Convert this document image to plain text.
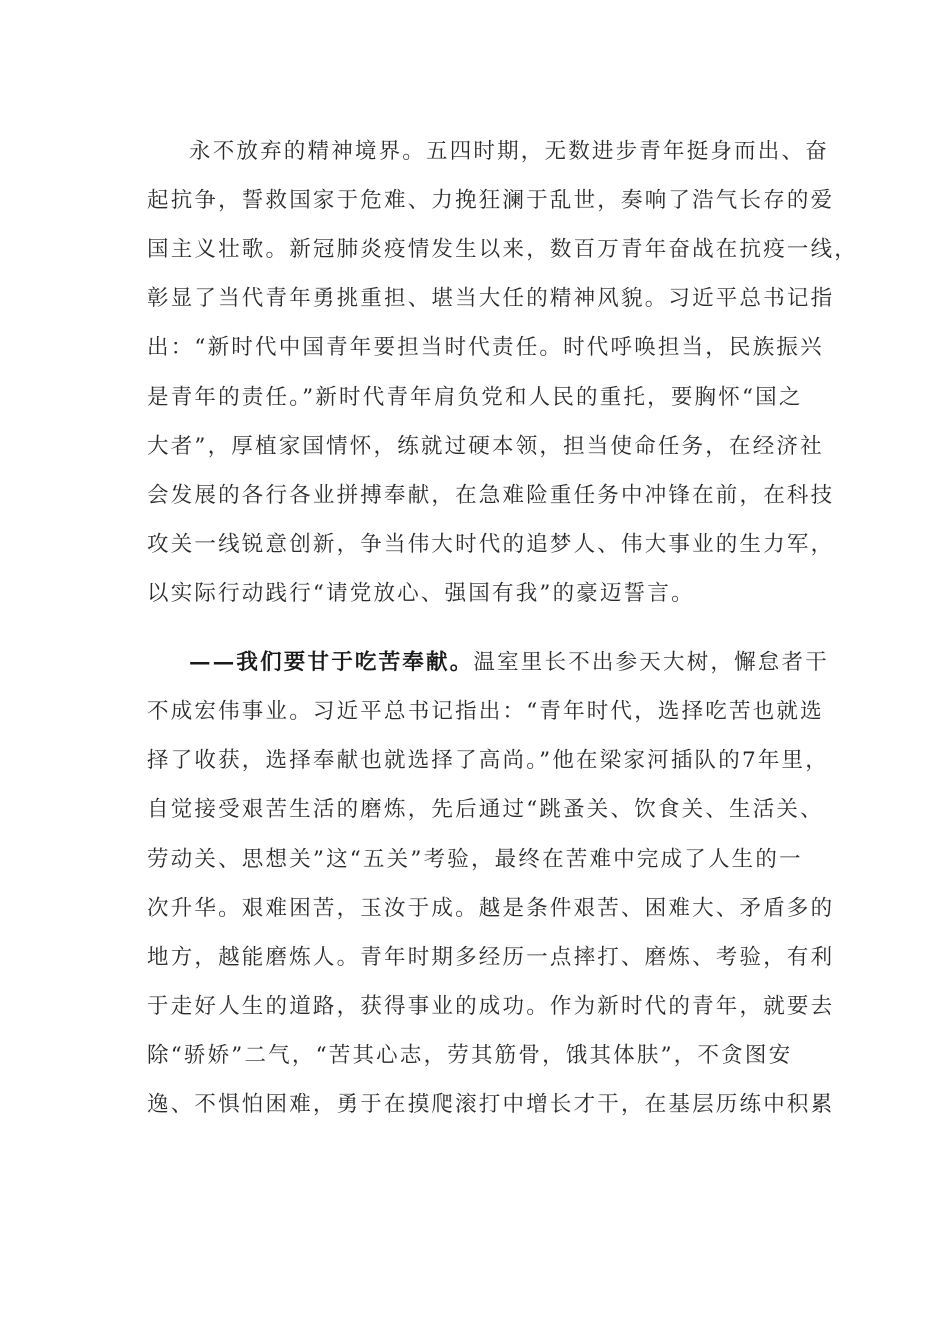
永不放弃的精神境界。五四时期，无数进步青年挺身而出、奋
起抗争，誓救国家于危难、力挽狂澜于乱世，奏响了浩气长存的爱
国主义壮歌。新冠肺炎疫情发生以来，数百万青年奋战在抗疫一线，
彰显了当代青年勇挑重担、堪当大任的精神风貌。习近平总书记指
出：“新时代中国青年要担当时代责任。时代呼唤担当，民族振兴
是青年的责任。”新时代青年肩负党和人民的重托，要胸怀“国之
大者”，厚植家国情怀，练就过硬本领，担当使命任务，在经济社
会发展的各行各业拼搏奉献，在急难险重任务中冲锋在前，在科技
攻关一线锐意创新，争当伟大时代的追梦人、伟大事业的生力军，
以实际行动践行“请党放心、强国有我”的豪迈誓言。
——我们要甘于吃苦奉献。温室里长不出参天大树，懈怠者干
不成宏伟事业。习近平总书记指出：“青年时代，选择吃苦也就选
择了收获，选择奉献也就选择了高尚。”他在梁家河插队的7年里，
自觉接受艰苦生活的磨炼，先后通过“跳蚤关、饮食关、生活关、
劳动关、思想关”这“五关”考验，最终在苦难中完成了人生的一
次升华。艰难困苦，玉汝于成。越是条件艰苦、困难大、矛盾多的
地方，越能磨炼人。青年时期多经历一点摔打、磨炼、考验，有利
于走好人生的道路，获得事业的成功。作为新时代的青年，就要去
除“骄娇”二气，“苦其心志，劳其筋骨，饿其体肤”，不贪图安
逸、不惧怕困难，勇于在摸爬滚打中增长才干，在基层历练中积累
